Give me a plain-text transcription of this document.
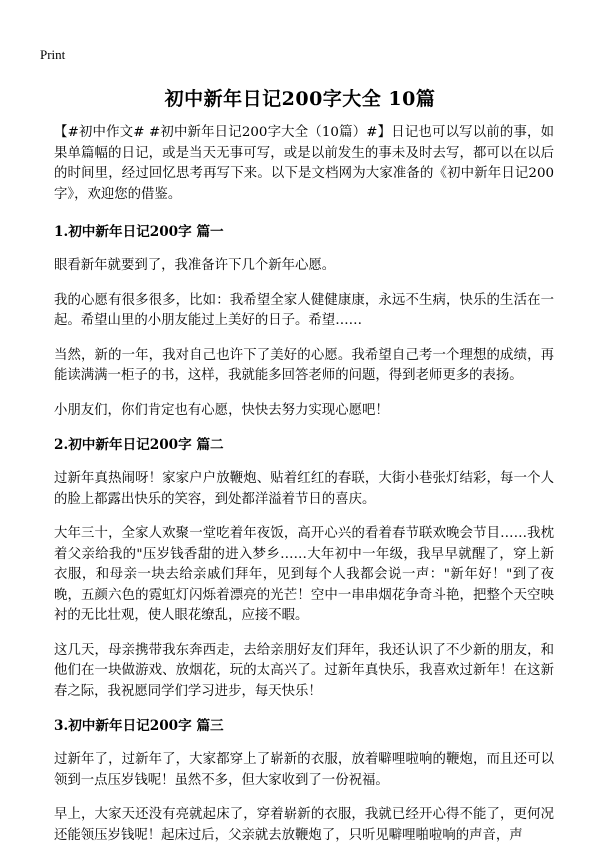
Print
初中新年日记200字大全 10篇

【#初中作文# #初中新年日记200字大全（10篇）#】日记也可以写以前的事，如果单篇幅的日记，或是当天无事可写，或是以前发生的事未及时去写，都可以在以后的时间里，经过回忆思考再写下来。以下是文档网为大家准备的《初中新年日记200字》，欢迎您的借鉴。

1.初中新年日记200字 篇一

眼看新年就要到了，我准备许下几个新年心愿。

我的心愿有很多很多，比如：我希望全家人健健康康，永远不生病，快乐的生活在一起。希望山里的小朋友能过上美好的日子。希望……

当然，新的一年，我对自己也许下了美好的心愿。我希望自己考一个理想的成绩，再能读满满一柜子的书，这样，我就能多回答老师的问题，得到老师更多的表扬。

小朋友们，你们肯定也有心愿，快快去努力实现心愿吧！

2.初中新年日记200字 篇二

过新年真热闹呀！家家户户放鞭炮、贴着红红的春联，大街小巷张灯结彩，每一个人的脸上都露出快乐的笑容，到处都洋溢着节日的喜庆。

大年三十，全家人欢聚一堂吃着年夜饭，高开心兴的看着春节联欢晚会节目……我枕着父亲给我的"压岁钱香甜的进入梦乡……大年初中一年级，我早早就醒了，穿上新衣服，和母亲一块去给亲戚们拜年，见到每个人我都会说一声："新年好！"到了夜晚，五颜六色的霓虹灯闪烁着漂亮的光芒！空中一串串烟花争奇斗艳，把整个天空映衬的无比壮观，使人眼花缭乱，应接不暇。

这几天，母亲携带我东奔西走，去给亲朋好友们拜年，我还认识了不少新的朋友，和他们在一块做游戏、放烟花，玩的太高兴了。过新年真快乐，我喜欢过新年！在这新春之际，我祝愿同学们学习进步，每天快乐！

3.初中新年日记200字 篇三

过新年了，过新年了，大家都穿上了崭新的衣服，放着噼哩啦响的鞭炮，而且还可以领到一点压岁钱呢！虽然不多，但大家收到了一份祝福。

早上，大家天还没有亮就起床了，穿着崭新的衣服，我就已经开心得不能了，更何况还能领压岁钱呢！起床过后，父亲就去放鞭炮了，只听见噼哩啪啦响的声音，声
